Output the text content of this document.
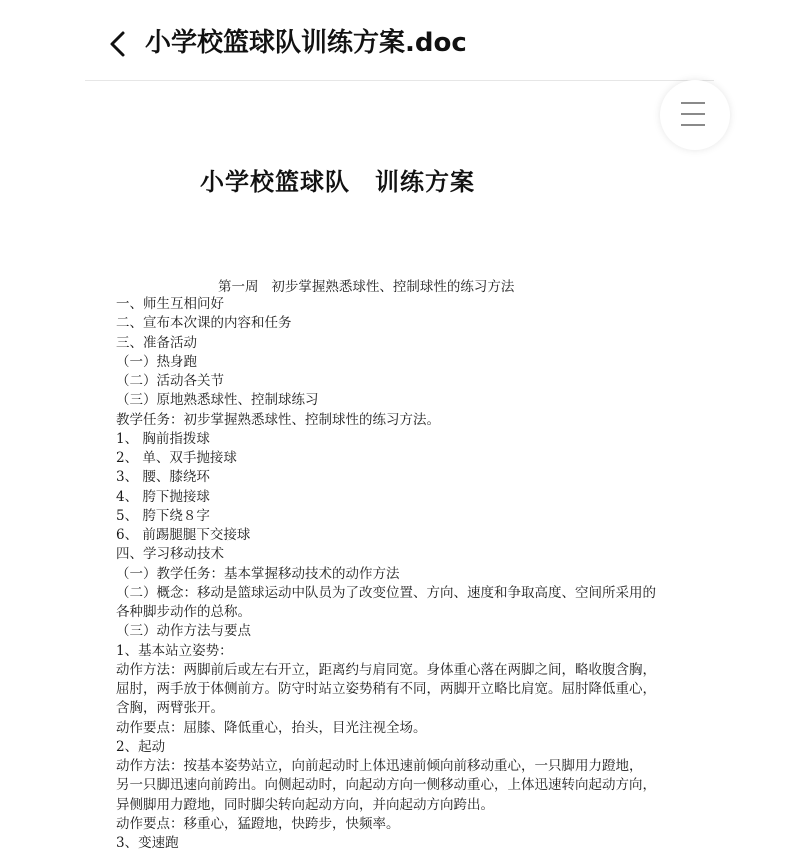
小学校篮球队训练方案.doc
小学校篮球队　训练方案
第一周   初步掌握熟悉球性、控制球性的练习方法
一、师生互相问好
二、宣布本次课的内容和任务
三、准备活动
（一）热身跑
（二）活动各关节
（三）原地熟悉球性、控制球练习
教学任务：初步掌握熟悉球性、控制球性的练习方法。
1、 胸前指拨球
2、 单、双手抛接球
3、 腰、膝绕环
4、 胯下抛接球
5、 胯下绕８字
6、 前踢腿腿下交接球
四、学习移动技术
（一）教学任务：基本掌握移动技术的动作方法
（二）概念：移动是篮球运动中队员为了改变位置、方向、速度和争取高度、空间所采用的
各种脚步动作的总称。
（三）动作方法与要点
1、基本站立姿势：
动作方法：两脚前后或左右开立，距离约与肩同宽。身体重心落在两脚之间，略收腹含胸，
屈肘，两手放于体侧前方。防守时站立姿势稍有不同，两脚开立略比肩宽。屈肘降低重心，
含胸，两臂张开。
动作要点：屈膝、降低重心，抬头，目光注视全场。
2、起动
动作方法：按基本姿势站立，向前起动时上体迅速前倾向前移动重心，一只脚用力蹬地，
另一只脚迅速向前跨出。向侧起动时，向起动方向一侧移动重心，上体迅速转向起动方向，
异侧脚用力蹬地，同时脚尖转向起动方向，并向起动方向跨出。
动作要点：移重心，猛蹬地，快跨步，快频率。
3、变速跑
